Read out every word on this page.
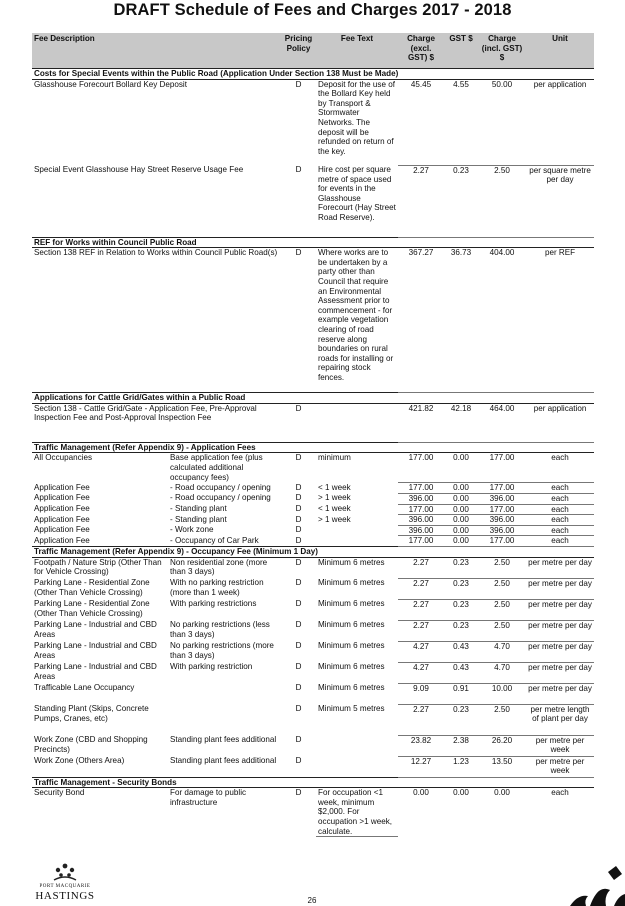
DRAFT Schedule of Fees and Charges 2017 - 2018
Fee Description		Pricing Policy	Fee Text	Charge (excl. GST) $	GST $	Charge (incl. GST) $	Unit
Costs for Special Events within the Public Road (Application Under Section 138 Must be Made)							
Glasshouse Forecourt Bollard Key Deposit		D	Deposit for the use of the Bollard Key held by Transport & Stormwater Networks. The deposit will be refunded on return of the key.	45.45	4.55	50.00	per application
Special Event Glasshouse Hay Street Reserve Usage Fee		D	Hire cost per square metre of space used for events in the Glasshouse Forecourt (Hay Street Road Reserve).	2.27	0.23	2.50	per square metre per day
REF for Works within Council Public Road							
Section 138 REF in Relation to Works within Council Public Road(s)		D	Where works are to be undertaken by a party other than Council that require an Environmental Assessment prior to commencement - for example vegetation clearing of road reserve along boundaries on rural roads for installing or repairing stock fences.	367.27	36.73	404.00	per REF
Applications for Cattle Grid/Gates within a Public Road							
Section 138 - Cattle Grid/Gate - Application Fee, Pre-Approval Inspection Fee and Post-Approval Inspection Fee		D		421.82	42.18	464.00	per application
Traffic Management (Refer Appendix 9) - Application Fees							
All Occupancies	Base application fee (plus calculated additional occupancy fees)	D	minimum	177.00	0.00	177.00	each
Application Fee	- Road occupancy / opening	D	< 1 week	177.00	0.00	177.00	each
Application Fee	- Road occupancy / opening	D	> 1 week	396.00	0.00	396.00	each
Application Fee	- Standing plant	D	< 1 week	177.00	0.00	177.00	each
Application Fee	- Standing plant	D	> 1 week	396.00	0.00	396.00	each
Application Fee	- Work zone	D		396.00	0.00	396.00	each
Application Fee	- Occupancy of Car Park	D		177.00	0.00	177.00	each
Traffic Management (Refer Appendix 9) - Occupancy Fee (Minimum 1 Day)							
Footpath / Nature Strip (Other Than for Vehicle Crossing)	Non residential zone (more than 3 days)	D	Minimum 6 metres	2.27	0.23	2.50	per metre per day
Parking Lane - Residential Zone (Other Than Vehicle Crossing)	With no parking restriction (more than 1 week)	D	Minimum 6 metres	2.27	0.23	2.50	per metre per day
Parking Lane - Residential Zone (Other Than Vehicle Crossing)	With parking restrictions	D	Minimum 6 metres	2.27	0.23	2.50	per metre per day
Parking Lane - Industrial and CBD Areas	No parking restrictions (less than 3 days)	D	Minimum 6 metres	2.27	0.23	2.50	per metre per day
Parking Lane - Industrial and CBD Areas	No parking restrictions (more than 3 days)	D	Minimum 6 metres	4.27	0.43	4.70	per metre per day
Parking Lane - Industrial and CBD Areas	With parking restriction	D	Minimum 6 metres	4.27	0.43	4.70	per metre per day
Trafficable Lane Occupancy		D	Minimum 6 metres	9.09	0.91	10.00	per metre per day
Standing Plant (Skips, Concrete Pumps, Cranes, etc)		D	Minimum 5 metres	2.27	0.23	2.50	per metre length of plant per day
Work Zone (CBD and Shopping Precincts)	Standing plant fees additional	D		23.82	2.38	26.20	per metre per week
Work Zone (Others Area)	Standing plant fees additional	D		12.27	1.23	13.50	per metre per week
Traffic Management - Security Bonds							
Security Bond	For damage to public infrastructure	D	For occupation <1 week, minimum $2,000. For occupation >1 week, calculate.	0.00	0.00	0.00	each
PORT MACQUARIE
HASTINGS	26
